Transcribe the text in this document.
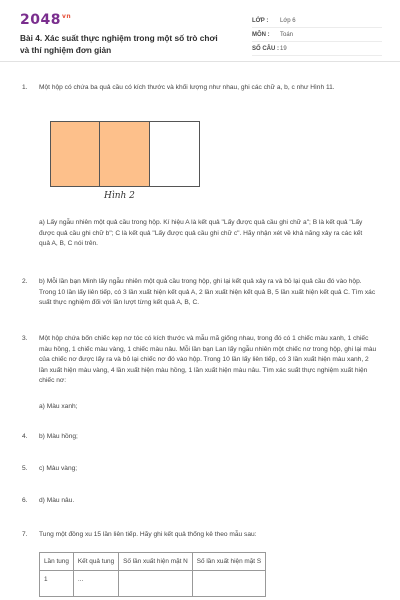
$2048^{vn}$
Bài 4. Xác suất thực nghiệm trong một số trò chơi và thí nghiệm đơn giản
LỚP :	Lớp 6
MÔN :	Toán
SỐ CÂU : 19
1. Một hộp có chứa ba quả cầu có kích thước và khối lượng như nhau, ghi các chữ a, b, c như Hình 11.
Hình 2
a) Lấy ngẫu nhiên một quả cầu trong hộp. Kí hiệu A là kết quả "Lấy được quả cầu ghi chữ a"; B là kết quả "Lấy được quả cầu ghi chữ b"; C là kết quả "Lấy được quả cầu ghi chữ c". Hãy nhận xét về khả năng xảy ra các kết quả A, B, C nói trên.
2. b) Mỗi lần bạn Minh lấy ngẫu nhiên một quả cầu trong hộp, ghi lại kết quả xảy ra và bỏ lại quả cầu đó vào hộp. Trong 10 lần lấy liên tiếp, có 3 lần xuất hiện kết quả A, 2 lần xuất hiện kết quả B, 5 lần xuất hiện kết quả C. Tìm xác suất thực nghiệm đối với lần lượt từng kết quả A, B, C.
3. Một hộp chứa bốn chiếc kẹp nơ tóc có kích thước và mẫu mã giống nhau, trong đó có 1 chiếc màu xanh, 1 chiếc màu hồng, 1 chiếc màu vàng, 1 chiếc màu nâu. Mỗi lần bạn Lan lấy ngẫu nhiên một chiếc nơ trong hộp, ghi lại màu của chiếc nơ được lấy ra và bỏ lại chiếc nơ đó vào hộp. Trong 10 lần lấy liên tiếp, có 3 lần xuất hiện màu xanh, 2 lần xuất hiện màu vàng, 4 lần xuất hiện màu hồng, 1 lần xuất hiện màu nâu. Tìm xác suất thực nghiệm xuất hiện chiếc nơ:
a) Màu xanh;
4. b) Màu hồng;
5. c) Màu vàng;
6. d) Màu nâu.
7. Tung một đồng xu 15 lần liên tiếp. Hãy ghi kết quả thống kê theo mẫu sau:
Lần tung	Kết quả tung	Số lần xuất hiện mặt N	Số lần xuất hiện mặt S
1	...		
